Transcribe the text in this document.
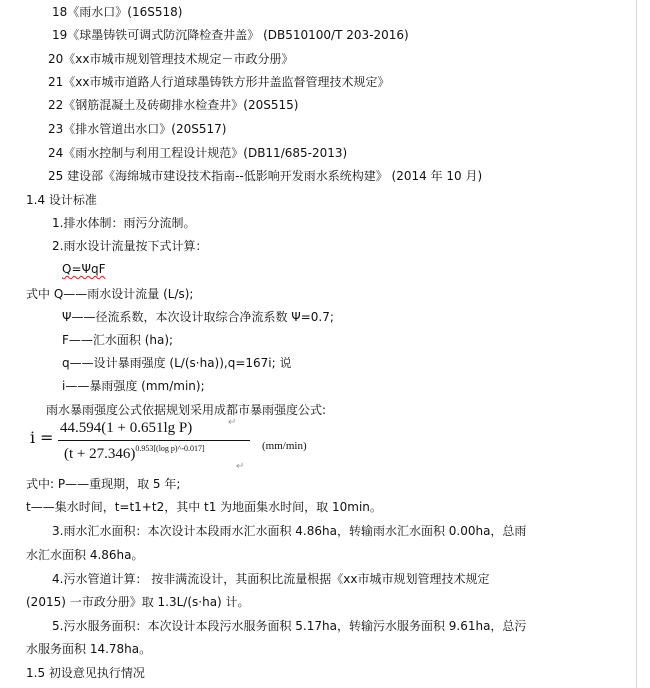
18《雨水口》(16S518)
19《球墨铸铁可调式防沉降检查井盖》 (DB510100/T 203-2016)
20《xx市城市规划管理技术规定－市政分册》
21《xx市城市道路人行道球墨铸铁方形井盖监督管理技术规定》
22《钢筋混凝土及砖砌排水检查井》(20S515)
23《排水管道出水口》(20S517)
24《雨水控制与利用工程设计规范》(DB11/685-2013)
25 建设部《海绵城市建设技术指南--低影响开发雨水系统构建》 (2014 年 10 月)
1.4 设计标准
1.排水体制：雨污分流制。
2.雨水设计流量按下式计算：
Q=ΨqF
式中 Q——雨水设计流量 (L/s);
Ψ——径流系数，本次设计取综合净流系数 Ψ=0.7;
F——汇水面积 (ha);
q——设计暴雨强度 (L/(s·ha)),q=167i; 说
i——暴雨强度 (mm/min);
雨水暴雨强度公式依据规划采用成都市暴雨强度公式:
i = 44.594(1 + 0.651lg P)
$(t + 27.346)^{0.953[(log p)\^{}-0.017]}$	(mm/min)
↵
↵
式中: P——重现期，取 5 年;
t——集水时间，t=t1+t2，其中 t1 为地面集水时间，取 10min。
3.雨水汇水面积：本次设计本段雨水汇水面积 4.86ha，转输雨水汇水面积 0.00ha，总雨
水汇水面积 4.86ha。
4.污水管道计算： 按非满流设计，其面积比流量根据《xx市城市规划管理技术规定
(2015) 一市政分册》取 1.3L/(s·ha) 计。
5.污水服务面积：本次设计本段污水服务面积 5.17ha，转输污水服务面积 9.61ha，总污
水服务面积 14.78ha。
1.5 初设意见执行情况
